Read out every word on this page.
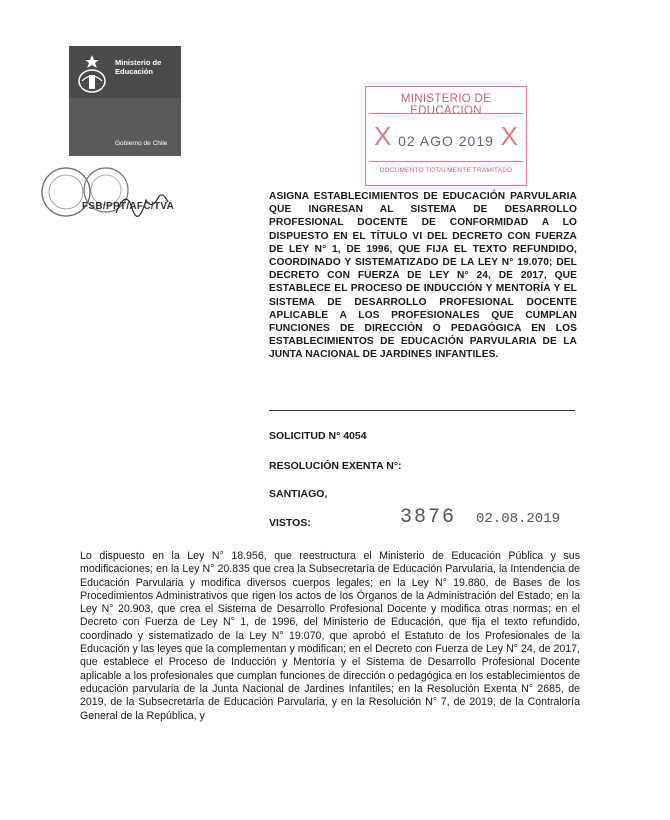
Ministerio de Educación
Gobierno de Chile
MINISTERIO DE EDUCACION
X 02 AGO 2019 X
DOCUMENTO TOTALMENTE TRAMITADO
FSB/PPT/AFC/TVA
ASIGNA ESTABLECIMIENTOS DE EDUCACIÓN PARVULARIA QUE INGRESAN AL SISTEMA DE DESARROLLO PROFESIONAL DOCENTE DE CONFORMIDAD A LO DISPUESTO EN EL TÍTULO VI DEL DECRETO CON FUERZA DE LEY N° 1, DE 1996, QUE FIJA EL TEXTO REFUNDIDO, COORDINADO Y SISTEMATIZADO DE LA LEY N° 19.070; DEL DECRETO CON FUERZA DE LEY N° 24, DE 2017, QUE ESTABLECE EL PROCESO DE INDUCCIÓN Y MENTORÍA Y EL SISTEMA DE DESARROLLO PROFESIONAL DOCENTE APLICABLE A LOS PROFESIONALES QUE CUMPLAN FUNCIONES DE DIRECCIÓN O PEDAGÓGICA EN LOS ESTABLECIMIENTOS DE EDUCACIÓN PARVULARIA DE LA JUNTA NACIONAL DE JARDINES INFANTILES.
SOLICITUD N° 4054
RESOLUCIÓN EXENTA N°:
SANTIAGO,
VISTOS:	3876 02.08.2019
Lo dispuesto en la Ley N° 18.956, que reestructura el Ministerio de Educación Pública y sus modificaciones; en la Ley N° 20.835 que crea la Subsecretaría de Educación Parvularia, la Intendencia de Educación Parvularia y modifica diversos cuerpos legales; en la Ley N° 19.880, de Bases de los Procedimientos Administrativos que rigen los actos de los Órganos de la Administración del Estado; en la Ley N° 20.903, que crea el Sistema de Desarrollo Profesional Docente y modifica otras normas; en el Decreto con Fuerza de Ley N° 1, de 1996, del Ministerio de Educación, que fija el texto refundido, coordinado y sistematizado de la Ley N° 19.070, que aprobó el Estatuto de los Profesionales de la Educación y las leyes que la complementan y modifican; en el Decreto con Fuerza de Ley N° 24, de 2017, que establece el Proceso de Inducción y Mentoría y el Sistema de Desarrollo Profesional Docente aplicable a los profesionales que cumplan funciones de dirección o pedagógica en los establecimientos de educación parvularia de la Junta Nacional de Jardines Infantiles; en la Resolución Exenta N° 2685, de 2019, de la Subsecretaría de Educación Parvularia, y en la Resolución N° 7, de 2019, de la Contraloría General de la República, y
